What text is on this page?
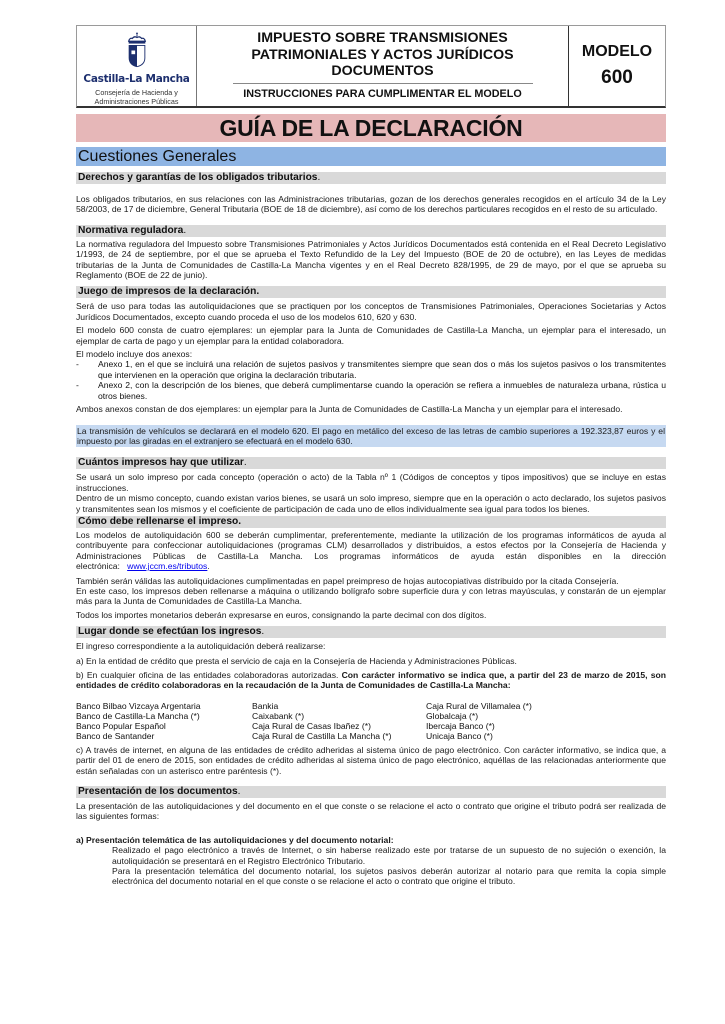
Castilla-La Mancha
Consejería de Hacienda y
Administraciones Públicas
IMPUESTO SOBRE TRANSMISIONES
PATRIMONIALES Y ACTOS JURÍDICOS
DOCUMENTOS
INSTRUCCIONES PARA CUMPLIMENTAR EL MODELO
MODELO
600
GUÍA DE LA DECLARACIÓN
Cuestiones Generales
Derechos y garantías de los obligados tributarios.

Los obligados tributarios, en sus relaciones con las Administraciones tributarias, gozan de los derechos generales recogidos en el artículo 34 de la Ley 58/2003, de 17 de diciembre, General Tributaria (BOE de 18 de diciembre), así como de los derechos particulares recogidos en el resto de su articulado.

Normativa reguladora.

La normativa reguladora del Impuesto sobre Transmisiones Patrimoniales y Actos Jurídicos Documentados está contenida en el Real Decreto Legislativo 1/1993, de 24 de septiembre, por el que se aprueba el Texto Refundido de la Ley del Impuesto (BOE de 20 de octubre), en las Leyes de medidas tributarias de la Junta de Comunidades de Castilla-La Mancha vigentes y en el Real Decreto 828/1995, de 29 de mayo, por el que se aprueba su Reglamento (BOE de 22 de junio).

Juego de impresos de la declaración.

Será de uso para todas las autoliquidaciones que se practiquen por los conceptos de Transmisiones Patrimoniales, Operaciones Societarias y Actos Jurídicos Documentados, excepto cuando proceda el uso de los modelos 610, 620 y 630.

El modelo 600 consta de cuatro ejemplares: un ejemplar para la Junta de Comunidades de Castilla-La Mancha, un ejemplar para el interesado, un ejemplar de carta de pago y un ejemplar para la entidad colaboradora.

El modelo incluye dos anexos:

-	Anexo 1, en el que se incluirá una relación de sujetos pasivos y transmitentes siempre que sean dos o más los sujetos pasivos o los transmitentes que intervienen en la operación que origina la declaración tributaria.
-	Anexo 2, con la descripción de los bienes, que deberá cumplimentarse cuando la operación se refiera a inmuebles de naturaleza urbana, rústica u otros bienes.

Ambos anexos constan de dos ejemplares: un ejemplar para la Junta de Comunidades de Castilla-La Mancha y un ejemplar para el interesado.

La transmisión de vehículos se declarará en el modelo 620. El pago en metálico del exceso de las letras de cambio superiores a 192.323,87 euros y el impuesto por las giradas en el extranjero se efectuará en el modelo 630.

Cuántos impresos hay que utilizar.

Se usará un solo impreso por cada concepto (operación o acto) de la Tabla nº 1 (Códigos de conceptos y tipos impositivos) que se incluye en estas instrucciones.

Dentro de un mismo concepto, cuando existan varios bienes, se usará un solo impreso, siempre que en la operación o acto declarado, los sujetos pasivos y transmitentes sean los mismos y el coeficiente de participación de cada uno de ellos individualmente sea igual para todos los bienes.

Cómo debe rellenarse el impreso.

Los modelos de autoliquidación 600 se deberán cumplimentar, preferentemente, mediante la utilización de los programas informáticos de ayuda al contribuyente para confeccionar autoliquidaciones (programas CLM) desarrollados y distribuidos, a estos efectos por la Consejería de Hacienda y Administraciones Públicas de Castilla-La Mancha. Los programas informáticos de ayuda están disponibles en la dirección electrónica: www.jccm.es/tributos.

También serán válidas las autoliquidaciones cumplimentadas en papel preimpreso de hojas autocopiativas distribuido por la citada Consejería.

En este caso, los impresos deben rellenarse a máquina o utilizando bolígrafo sobre superficie dura y con letras mayúsculas, y constarán de un ejemplar más para la Junta de Comunidades de Castilla-La Mancha.

Todos los importes monetarios deberán expresarse en euros, consignando la parte decimal con dos dígitos.

Lugar donde se efectúan los ingresos.

El ingreso correspondiente a la autoliquidación deberá realizarse:

a) En la entidad de crédito que presta el servicio de caja en la Consejería de Hacienda y Administraciones Públicas.

b) En cualquier oficina de las entidades colaboradoras autorizadas. Con carácter informativo se indica que, a partir del 23 de marzo de 2015, son entidades de crédito colaboradoras en la recaudación de la Junta de Comunidades de Castilla-La Mancha:

Banco Bilbao Vizcaya Argentaria	Bankia	Caja Rural de Villamalea (*)
Banco de Castilla-La Mancha (*)	Caixabank (*)	Globalcaja (*)
Banco Popular Español	Caja Rural de Casas Ibañez (*)	Ibercaja Banco (*)
Banco de Santander	Caja Rural de Castilla La Mancha (*)	Unicaja Banco (*)

c) A través de internet, en alguna de las entidades de crédito adheridas al sistema único de pago electrónico. Con carácter informativo, se indica que, a partir del 01 de enero de 2015, son entidades de crédito adheridas al sistema único de pago electrónico, aquéllas de las relacionadas anteriormente que están señaladas con un asterisco entre paréntesis (*).

Presentación de los documentos.

La presentación de las autoliquidaciones y del documento en el que conste o se relacione el acto o contrato que origine el tributo podrá ser realizada de las siguientes formas:

a) Presentación telemática de las autoliquidaciones y del documento notarial:

Realizado el pago electrónico a través de Internet, o sin haberse realizado este por tratarse de un supuesto de no sujeción o exención, la autoliquidación se presentará en el Registro Electrónico Tributario.

Para la presentación telemática del documento notarial, los sujetos pasivos deberán autorizar al notario para que remita la copia simple electrónica del documento notarial en el que conste o se relacione el acto o contrato que origine el tributo.
